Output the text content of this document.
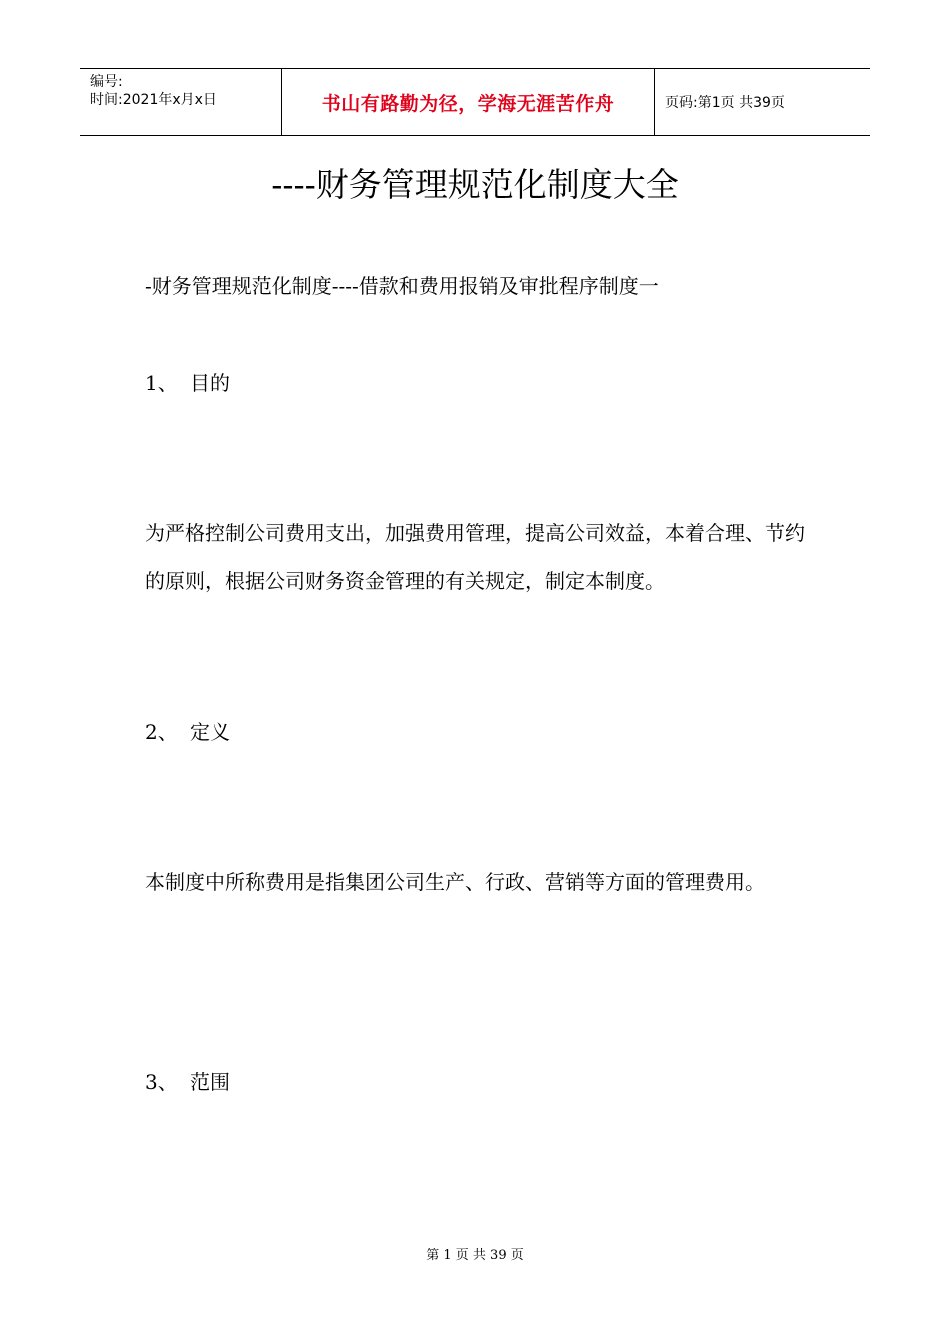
编号:
时间:2021年x月x日	书山有路勤为径，学海无涯苦作舟	页码:第1页 共39页
----财务管理规范化制度大全
-财务管理规范化制度----借款和费用报销及审批程序制度一
1、 目的
为严格控制公司费用支出，加强费用管理，提高公司效益，本着合理、节约的原则，根据公司财务资金管理的有关规定，制定本制度。
2、 定义
本制度中所称费用是指集团公司生产、行政、营销等方面的管理费用。
3、 范围
第 1 页 共 39 页
